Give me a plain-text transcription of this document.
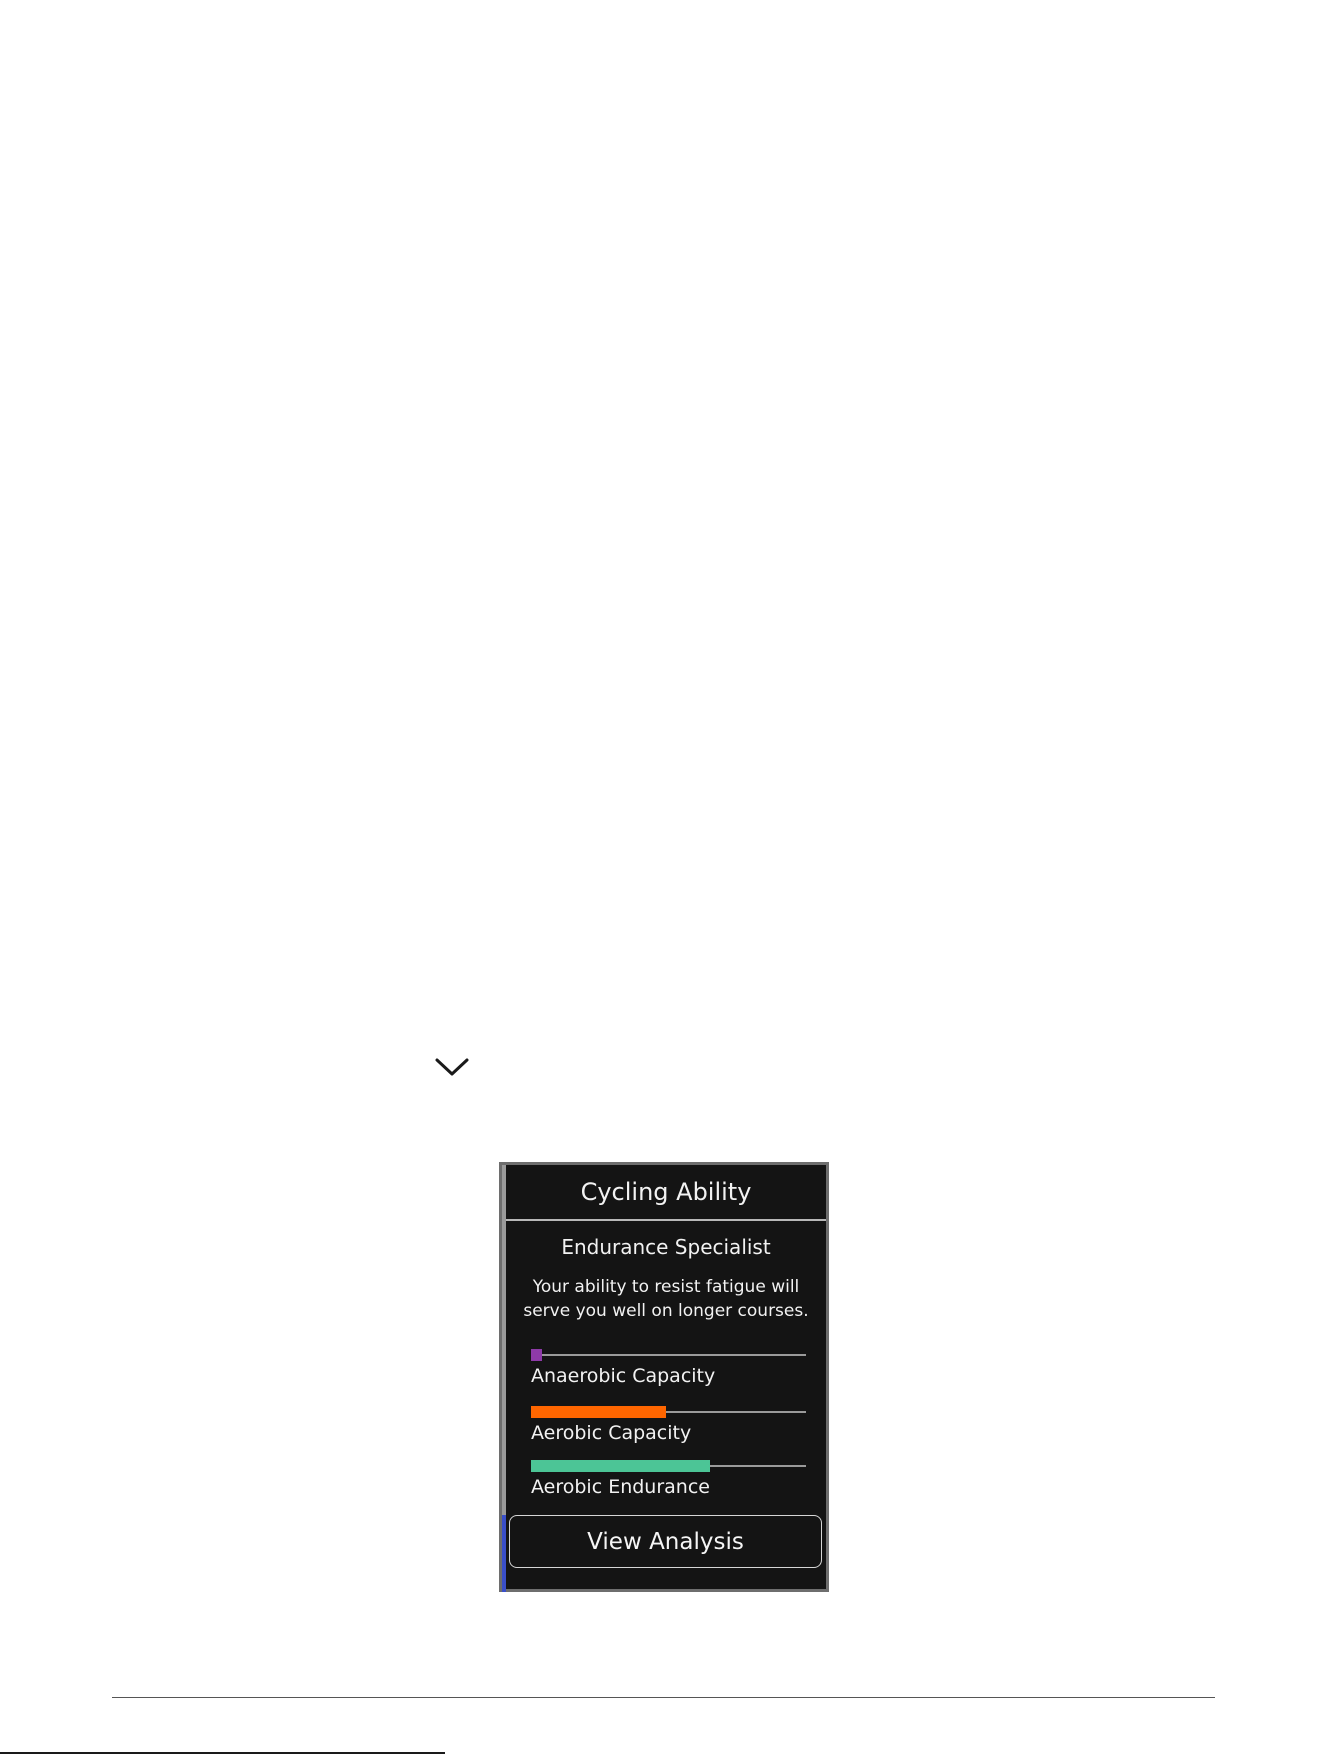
Cycling Ability
Endurance Specialist
Your ability to resist fatigue will serve you well on longer courses.
Anaerobic Capacity
Aerobic Capacity
Aerobic Endurance
View Analysis
